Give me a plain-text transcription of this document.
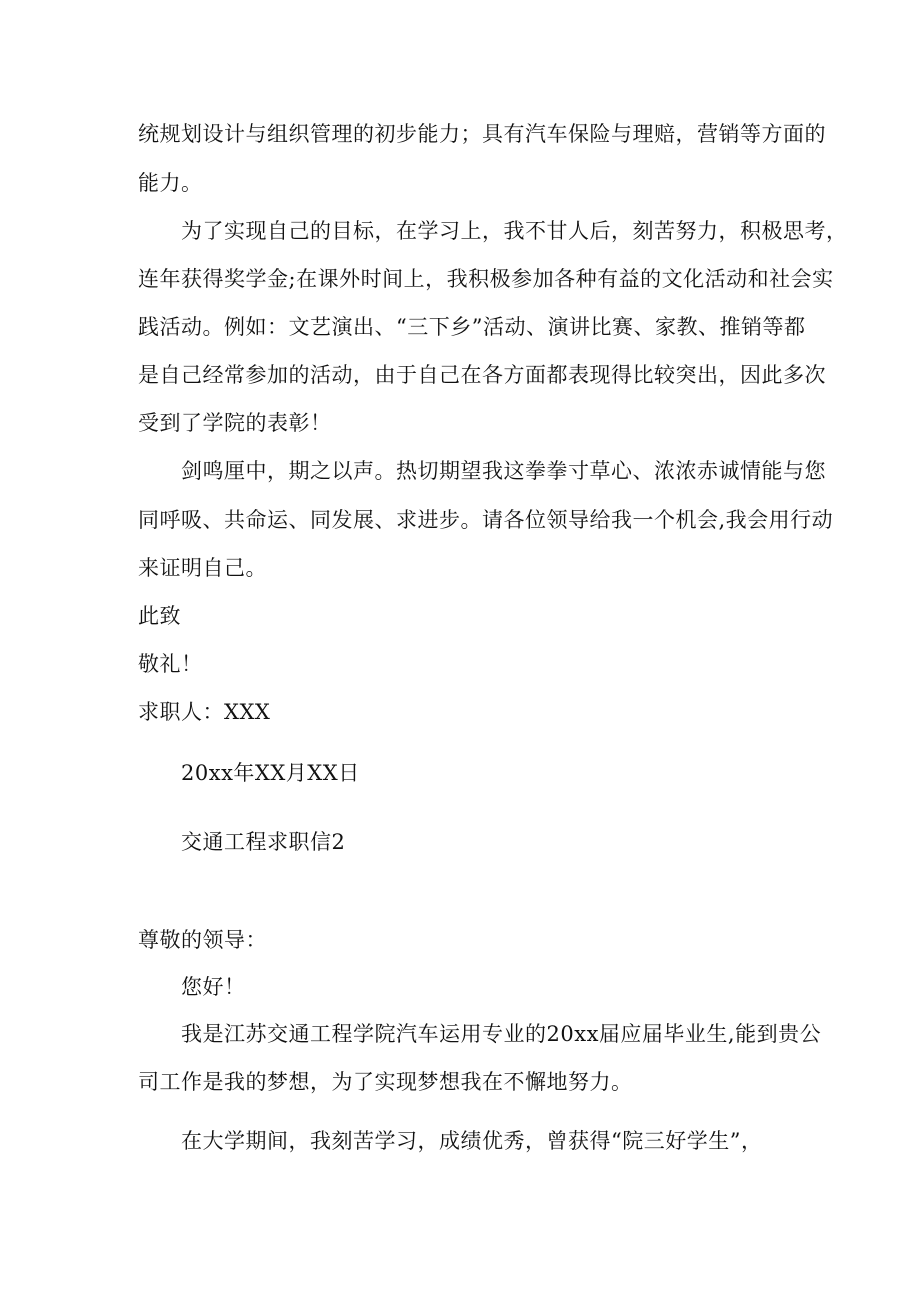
统规划设计与组织管理的初步能力；具有汽车保险与理赔，营销等方面的
能力。
为了实现自己的目标，在学习上，我不甘人后，刻苦努力，积极思考，
连年获得奖学金;在课外时间上，我积极参加各种有益的文化活动和社会实
践活动。例如：文艺演出、“三下乡”活动、演讲比赛、家教、推销等都
是自己经常参加的活动，由于自己在各方面都表现得比较突出，因此多次
受到了学院的表彰！
剑鸣厘中，期之以声。热切期望我这拳拳寸草心、浓浓赤诚情能与您
同呼吸、共命运、同发展、求进步。请各位领导给我一个机会,我会用行动
来证明自己。
此致
敬礼！
求职人：XXX
20xx年XX月XX日
交通工程求职信2
尊敬的领导：
您好！
我是江苏交通工程学院汽车运用专业的20xx届应届毕业生,能到贵公
司工作是我的梦想，为了实现梦想我在不懈地努力。
在大学期间，我刻苦学习，成绩优秀，曾获得“院三好学生”，
